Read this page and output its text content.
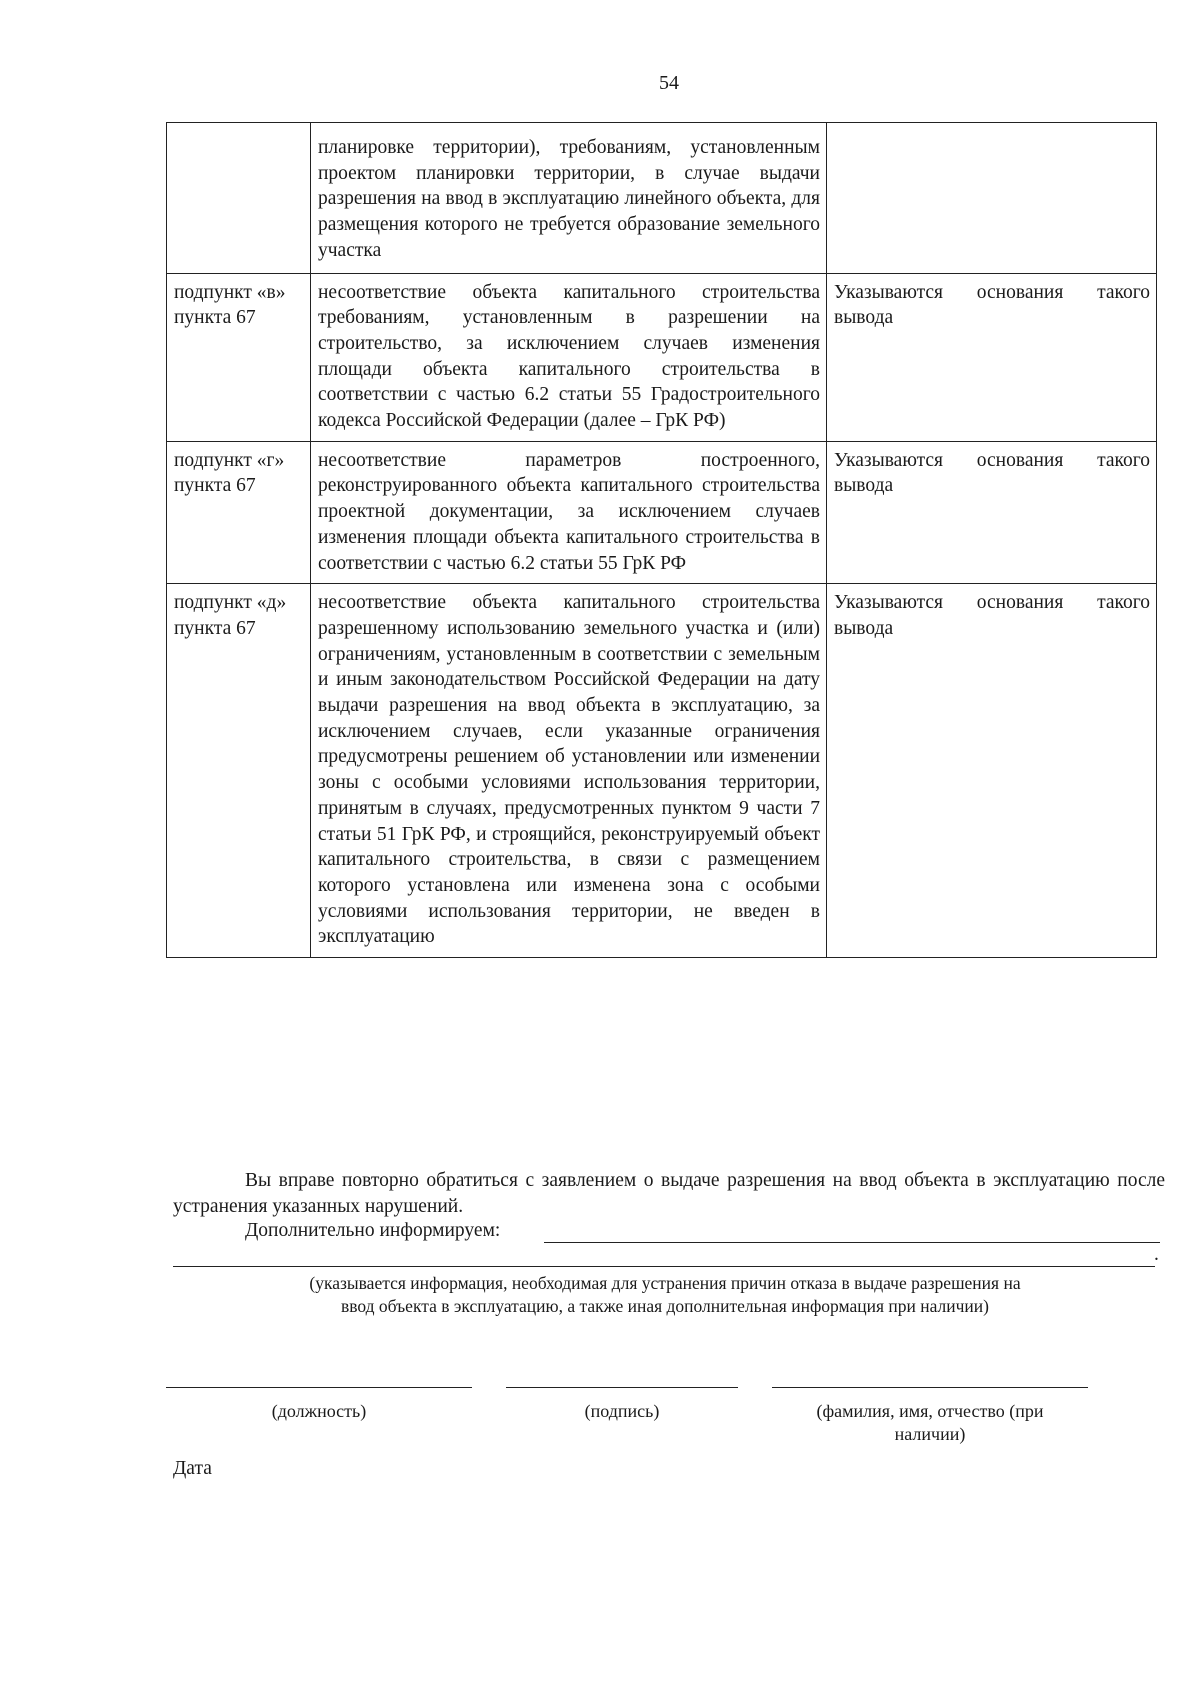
54
	планировке территории), требованиям, установленным проектом планировки территории, в случае выдачи разрешения на ввод в эксплуатацию линейного объекта, для размещения которого не требуется образование земельного участка	
подпункт «в» пункта 67	несоответствие объекта капитального строительства требованиям, установленным в разрешении на строительство, за исключением случаев изменения площади объекта капитального строительства в соответствии с частью 6.2 статьи 55 Градостроительного кодекса Российской Федерации (далее – ГрК РФ)	Указываются основания такого вывода
подпункт «г» пункта 67	несоответствие параметров построенного, реконструированного объекта капитального строительства проектной документации, за исключением случаев изменения площади объекта капитального строительства в соответствии с частью 6.2 статьи 55 ГрК РФ	Указываются основания такого вывода
подпункт «д» пункта 67	несоответствие объекта капитального строительства разрешенному использованию земельного участка и (или) ограничениям, установленным в соответствии с земельным и иным законодательством Российской Федерации на дату выдачи разрешения на ввод объекта в эксплуатацию, за исключением случаев, если указанные ограничения предусмотрены решением об установлении или изменении зоны с особыми условиями использования территории, принятым в случаях, предусмотренных пунктом 9 части 7 статьи 51 ГрК РФ, и строящийся, реконструируемый объект капитального строительства, в связи с размещением которого установлена или изменена зона с особыми условиями использования территории, не введен в эксплуатацию	Указываются основания такого вывода
Вы вправе повторно обратиться с заявлением о выдаче разрешения на ввод объекта в эксплуатацию после устранения указанных нарушений.
Дополнительно информируем:
.
(указывается информация, необходимая для устранения причин отказа в выдаче разрешения на ввод объекта в эксплуатацию, а также иная дополнительная информация при наличии)
(должность)	(подпись)	(фамилия, имя, отчество (при наличии)
Дата
